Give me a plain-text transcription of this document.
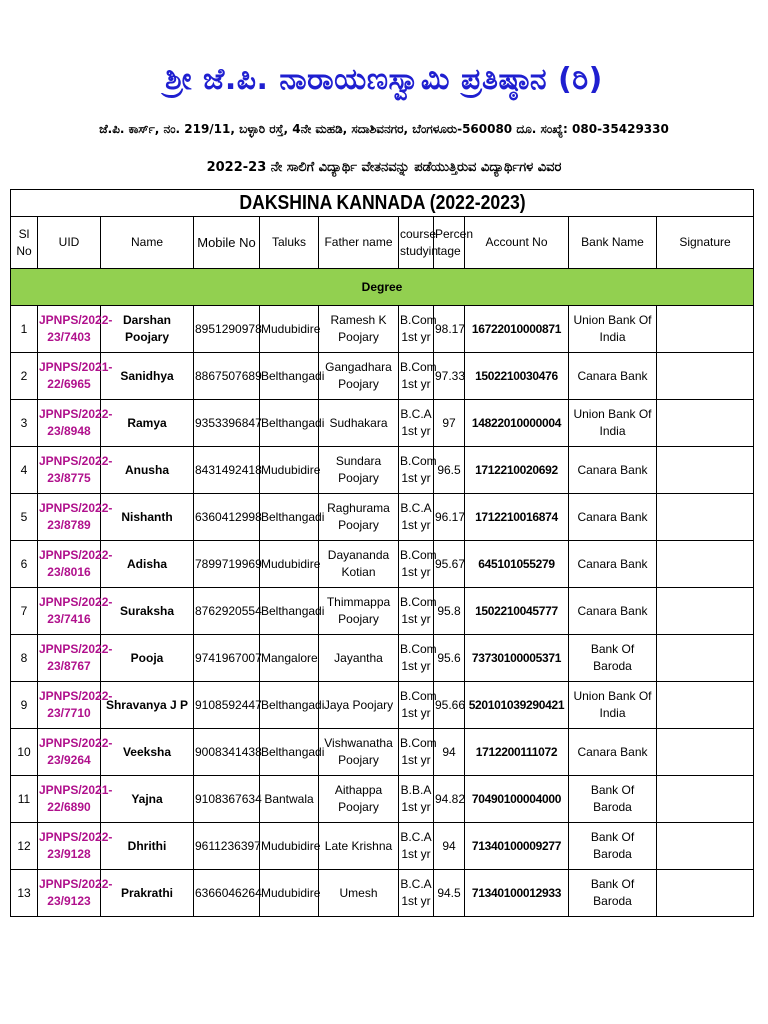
ಶ್ರೀ ಜೆ.ಪಿ. ನಾರಾಯಣಸ್ವಾಮಿ ಪ್ರತಿಷ್ಠಾನ (ರಿ)
ಜೆ.ಪಿ. ಕಾರ್ಸ್, ನಂ. 219/11, ಬಳ್ಳಾರಿ ರಸ್ತೆ, 4ನೇ ಮಹಡಿ, ಸದಾಶಿವನಗರ, ಬೆಂಗಳೂರು-560080 ದೂ. ಸಂಖ್ಯೆ: 080-35429330
2022-23 ನೇ ಸಾಲಿಗೆ ವಿದ್ಯಾರ್ಥಿ ವೇತನವನ್ನು ಪಡೆಯುತ್ತಿರುವ ವಿದ್ಯಾರ್ಥಿಗಳ ವಿವರ
DAKSHINA KANNADA (2022-2023)										
Sl No	UID	Name	Mobile No	Taluks	Father name	course
studyin	Percen
tage	Account No	Bank Name	Signature
Degree										
1	JPNPS/2022-
23/7403	Darshan Poojary	8951290978	Mudubidire	Ramesh K Poojary	B.Com
1st yr	98.17	16722010000871	Union Bank Of
India	
2	JPNPS/2021-
22/6965	Sanidhya	8867507689	Belthangadi	Gangadhara
Poojary	B.Com
1st yr	97.33	1502210030476	Canara Bank	
3	JPNPS/2022-
23/8948	Ramya	9353396847	Belthangadi	Sudhakara	B.C.A
1st yr	97	14822010000004	Union Bank Of
India	
4	JPNPS/2022-
23/8775	Anusha	8431492418	Mudubidire	Sundara Poojary	B.Com
1st yr	96.5	1712210020692	Canara Bank	
5	JPNPS/2022-
23/8789	Nishanth	6360412998	Belthangadi	Raghurama Poojary	B.C.A
1st yr	96.17	1712210016874	Canara Bank	
6	JPNPS/2022-
23/8016	Adisha	7899719969	Mudubidire	Dayananda Kotian	B.Com
1st yr	95.67	645101055279	Canara Bank	
7	JPNPS/2022-
23/7416	Suraksha	8762920554	Belthangadi	Thimmappa Poojary	B.Com
1st yr	95.8	1502210045777	Canara Bank	
8	JPNPS/2022-
23/8767	Pooja	9741967007	Mangalore	Jayantha	B.Com
1st yr	95.6	73730100005371	Bank Of Baroda	
9	JPNPS/2022-
23/7710	Shravanya J P	9108592447	Belthangadi	Jaya Poojary	B.Com
1st yr	95.66	520101039290421	Union Bank Of
India	
10	JPNPS/2022-
23/9264	Veeksha	9008341438	Belthangadi	Vishwanatha
Poojary	B.Com
1st yr	94	1712200111072	Canara Bank	
11	JPNPS/2021-
22/6890	Yajna	9108367634	Bantwala	Aithappa Poojary	B.B.A
1st yr	94.82	70490100004000	Bank Of Baroda	
12	JPNPS/2022-
23/9128	Dhrithi	9611236397	Mudubidire	Late Krishna	B.C.A
1st yr	94	71340100009277	Bank Of Baroda	
13	JPNPS/2022-
23/9123	Prakrathi	6366046264	Mudubidire	Umesh	B.C.A
1st yr	94.5	71340100012933	Bank Of Baroda	
